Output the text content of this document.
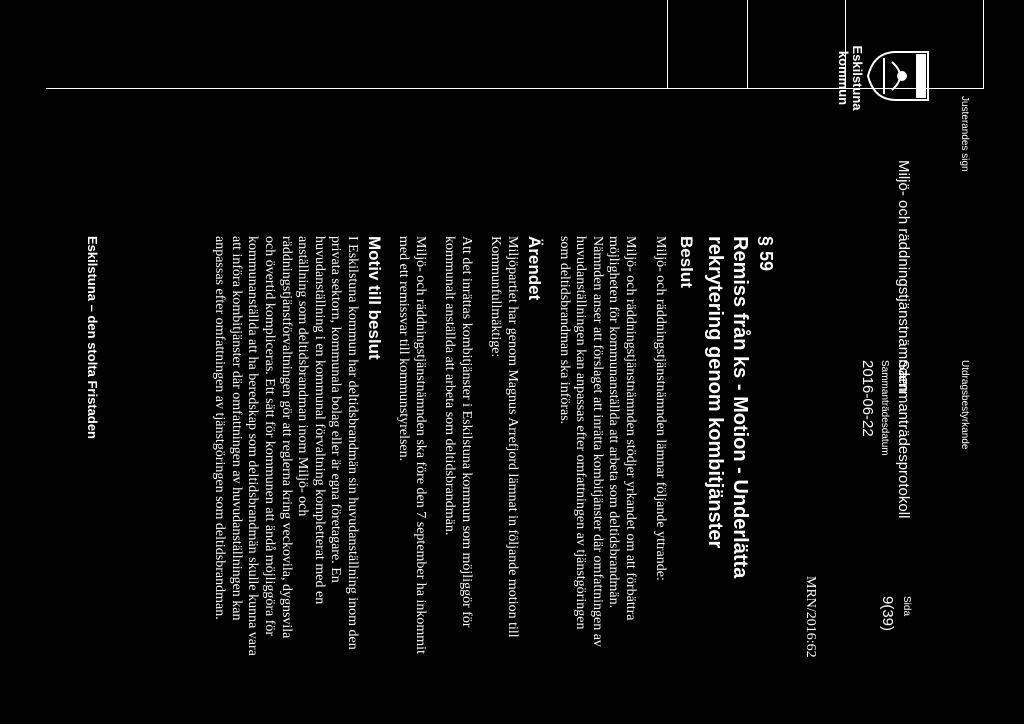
Eskilstuna
kommun
Miljö- och räddningstjänstnämnden
Sammanträdesprotokoll
Sammanträdesdatum
2016-06-22
Sida
9(39)
§ 59
MRN/2016:62
Remiss från ks - Motion - Underlätta rekrytering genom kombitjänster
Beslut
Miljö- och räddningstjänstnämnden lämnar följande yttrande:
Miljö- och räddningstjänstnämnden stödjer yrkandet om att förbättra möjligheten för kommunanställda att arbeta som deltidsbrandmän. Nämnden anser att förslaget att inrätta kombitjänster där omfattningen av huvudanställningen kan anpassas efter omfattningen av tjänstgöringen som deltidsbrandman ska införas.
Ärendet
Miljöpartiet har genom Magnus Arrefjord lämnat in följande motion till Kommunfullmäktige:
Att det inrättas kombitjänster i Eskilstuna kommun som möjliggör för kommunalt anställda att arbeta som deltidsbrandmän.
Miljö- och räddningstjänstnämnden ska före den 7 september ha inkommit med ett remissvar till kommunstyrelsen.
Motiv till beslut
I Eskilstuna kommun har deltidsbrandmän sin huvudanställning inom den privata sektorn, kommunala bolag eller är egna företagare. En huvudanställning i en kommunal förvaltning kompletterat med en anställning som deltidsbrandman inom Miljö- och räddningstjänstförvaltningen gör att reglerna kring veckovila, dygnsvila och övertid kompliceras. Ett sätt för kommunen att ändå möjliggöra för kommunanställda att ha beredskap som deltidsbrandmän skulle kunna vara att införa kombitjänster där omfattningen av huvudanställningen kan anpassas efter omfattningen av tjänstgöringen som deltidsbrandman.
Justerandes sign
Utdragsbestyrkande
Eskilstuna – den stolta Fristaden
